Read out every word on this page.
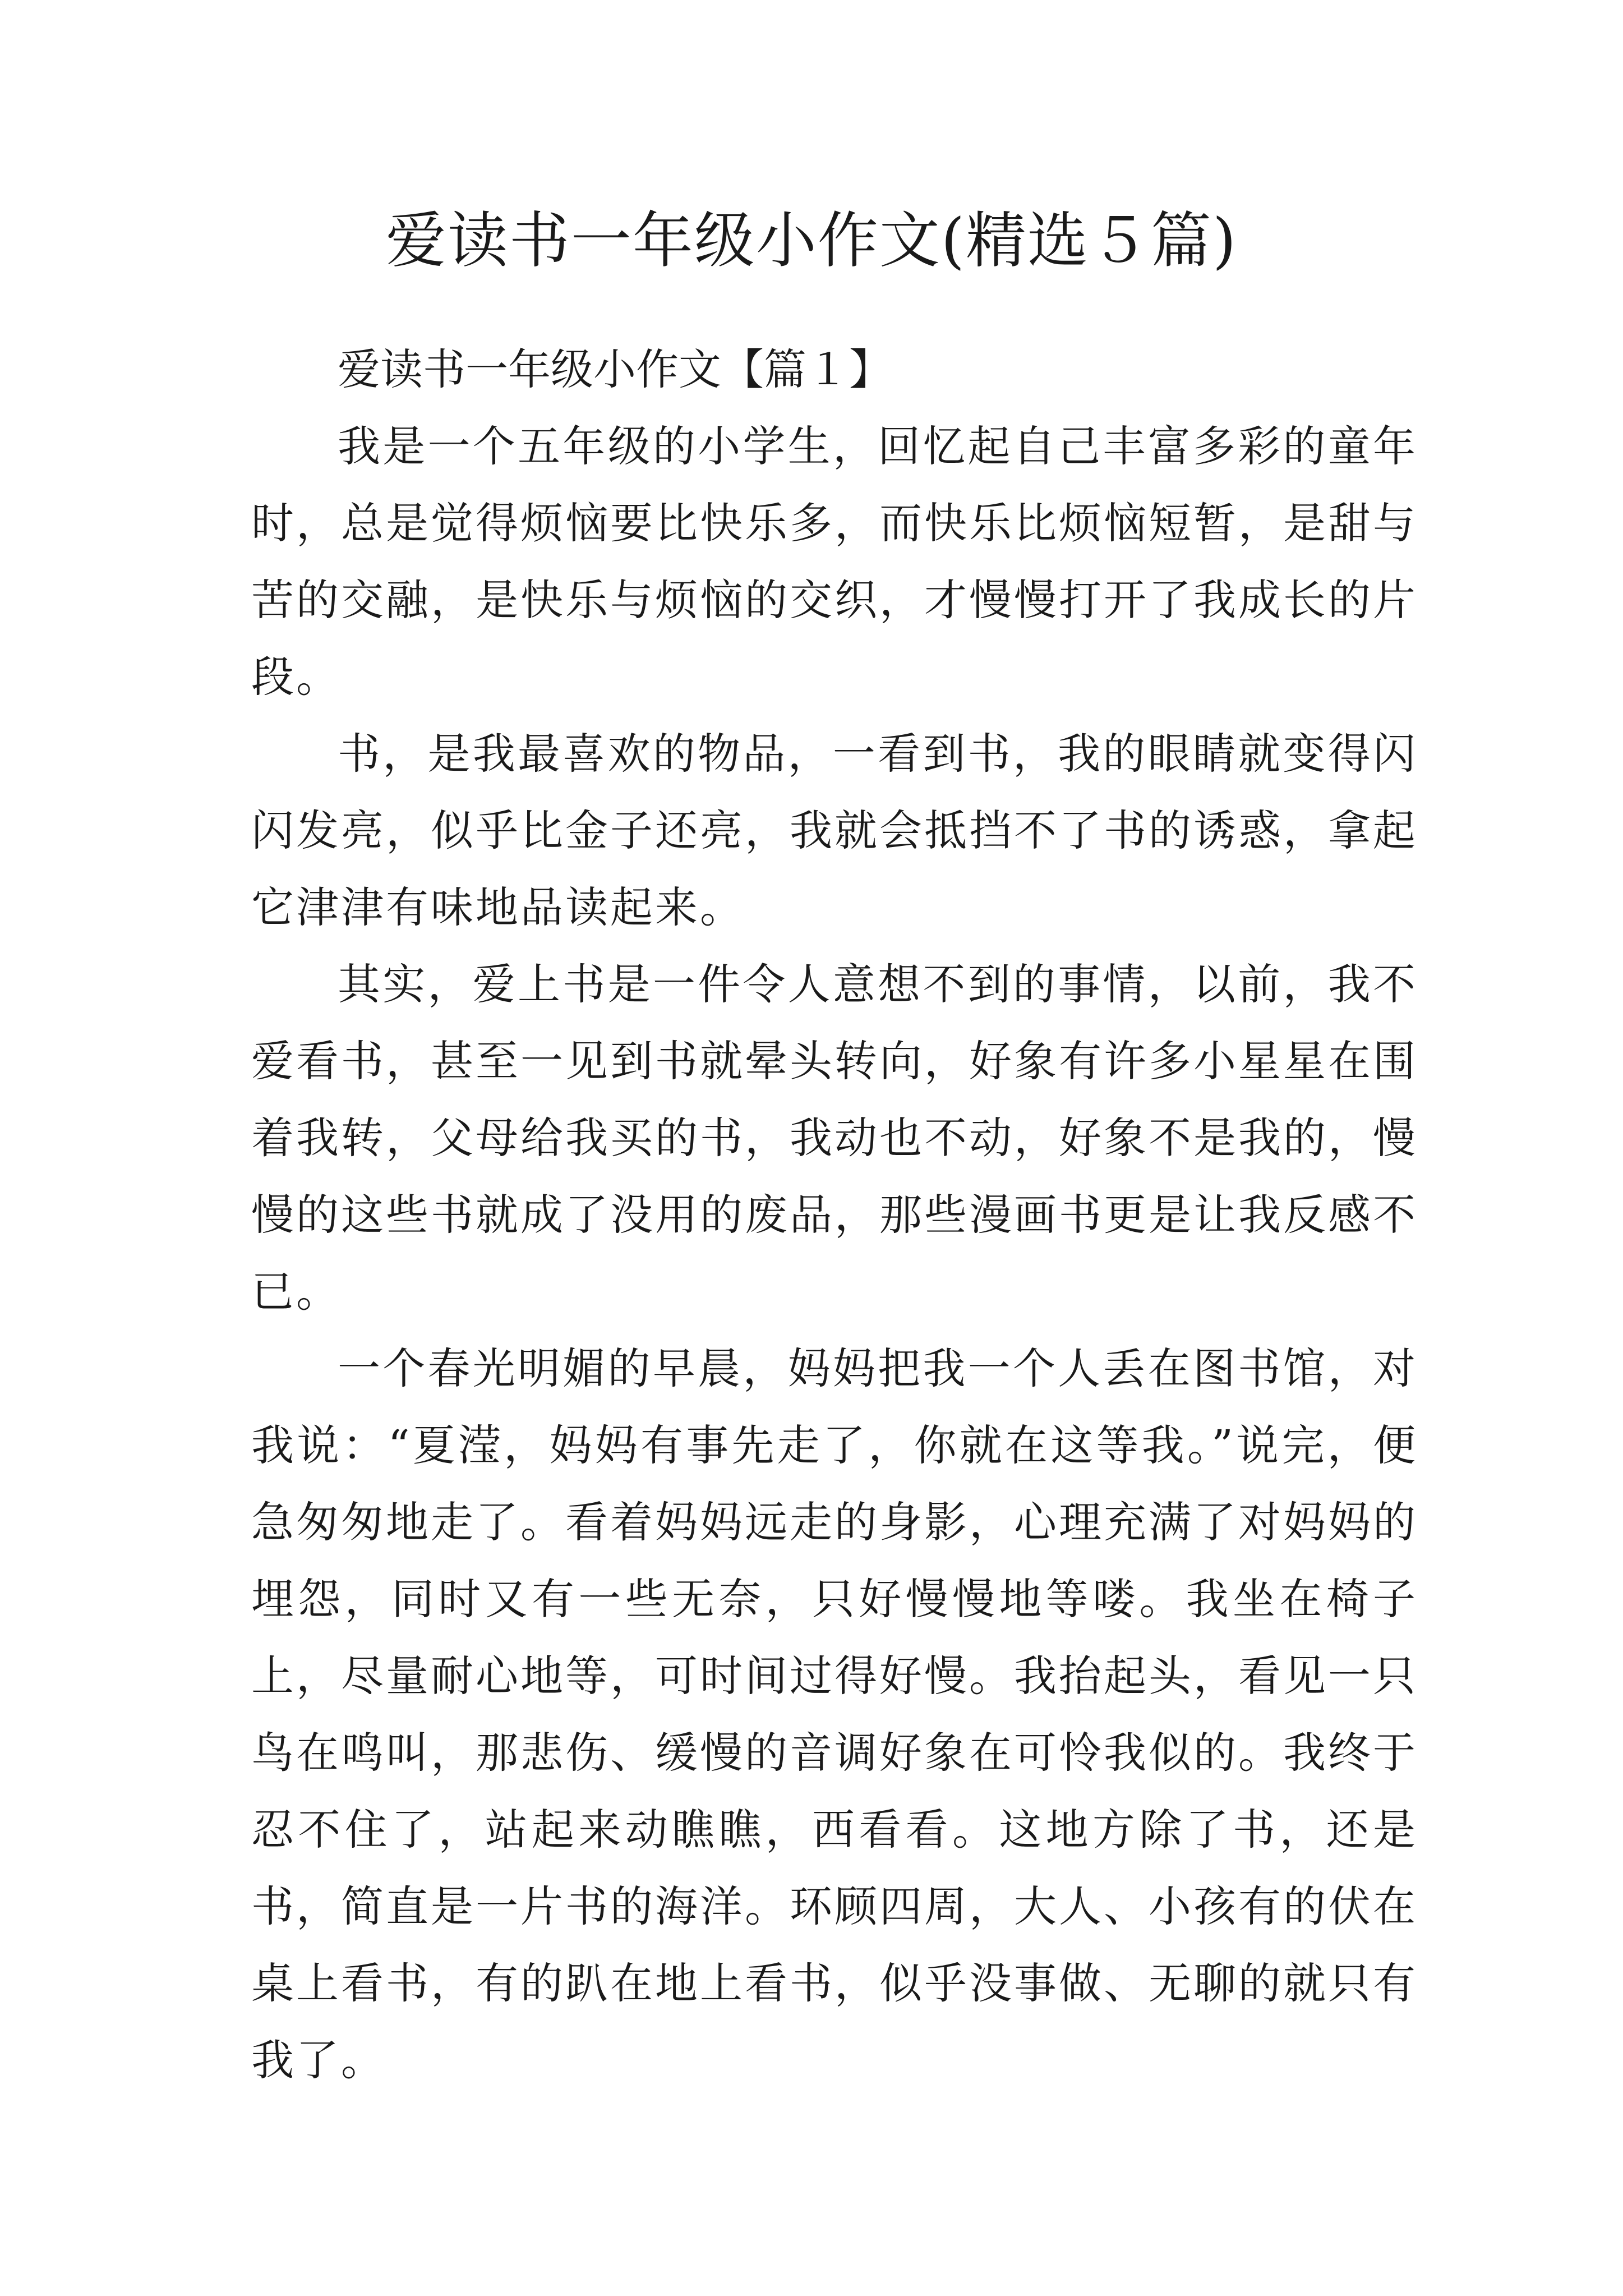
爱读书一年级小作文(精选５篇)

爱读书一年级小作文【篇１】

我是一个五年级的小学生，回忆起自己丰富多彩的童年时，总是觉得烦恼要比快乐多，而快乐比烦恼短暂，是甜与苦的交融，是快乐与烦恼的交织，才慢慢打开了我成长的片段。

书，是我最喜欢的物品，一看到书，我的眼睛就变得闪闪发亮，似乎比金子还亮，我就会抵挡不了书的诱惑，拿起它津津有味地品读起来。

其实，爱上书是一件令人意想不到的事情，以前，我不爱看书，甚至一见到书就晕头转向，好象有许多小星星在围着我转，父母给我买的书，我动也不动，好象不是我的，慢慢的这些书就成了没用的废品，那些漫画书更是让我反感不已。

一个春光明媚的早晨，妈妈把我一个人丢在图书馆，对我说：“夏滢，妈妈有事先走了，你就在这等我。”说完，便急匆匆地走了。看着妈妈远走的身影，心理充满了对妈妈的埋怨，同时又有一些无奈，只好慢慢地等喽。我坐在椅子上，尽量耐心地等，可时间过得好慢。我抬起头，看见一只鸟在鸣叫，那悲伤、缓慢的音调好象在可怜我似的。我终于忍不住了，站起来动瞧瞧，西看看。这地方除了书，还是书，简直是一片书的海洋。环顾四周，大人、小孩有的伏在桌上看书，有的趴在地上看书，似乎没事做、无聊的就只有我了。
